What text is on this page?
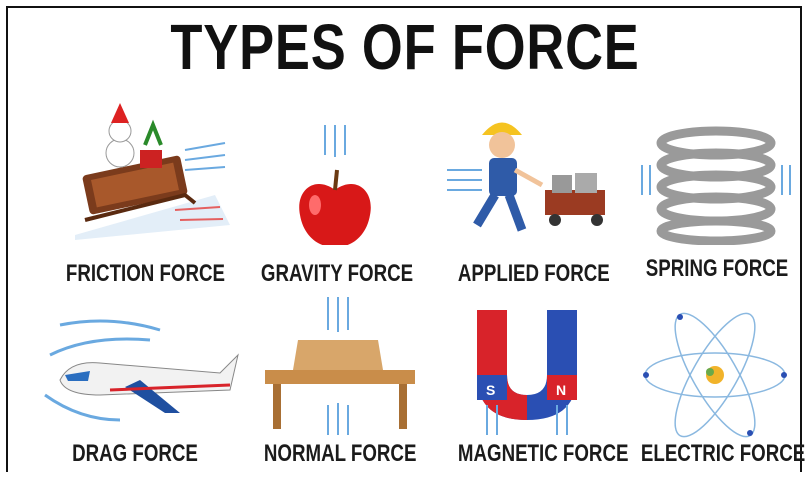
TYPES OF FORCE
FRICTION FORCE GRAVITY FORCE APPLIED FORCE SPRING FORCE
DRAG FORCE	NORMAL FORCE
S	N
MAGNETIC FORCE ELECTRIC FORCE
